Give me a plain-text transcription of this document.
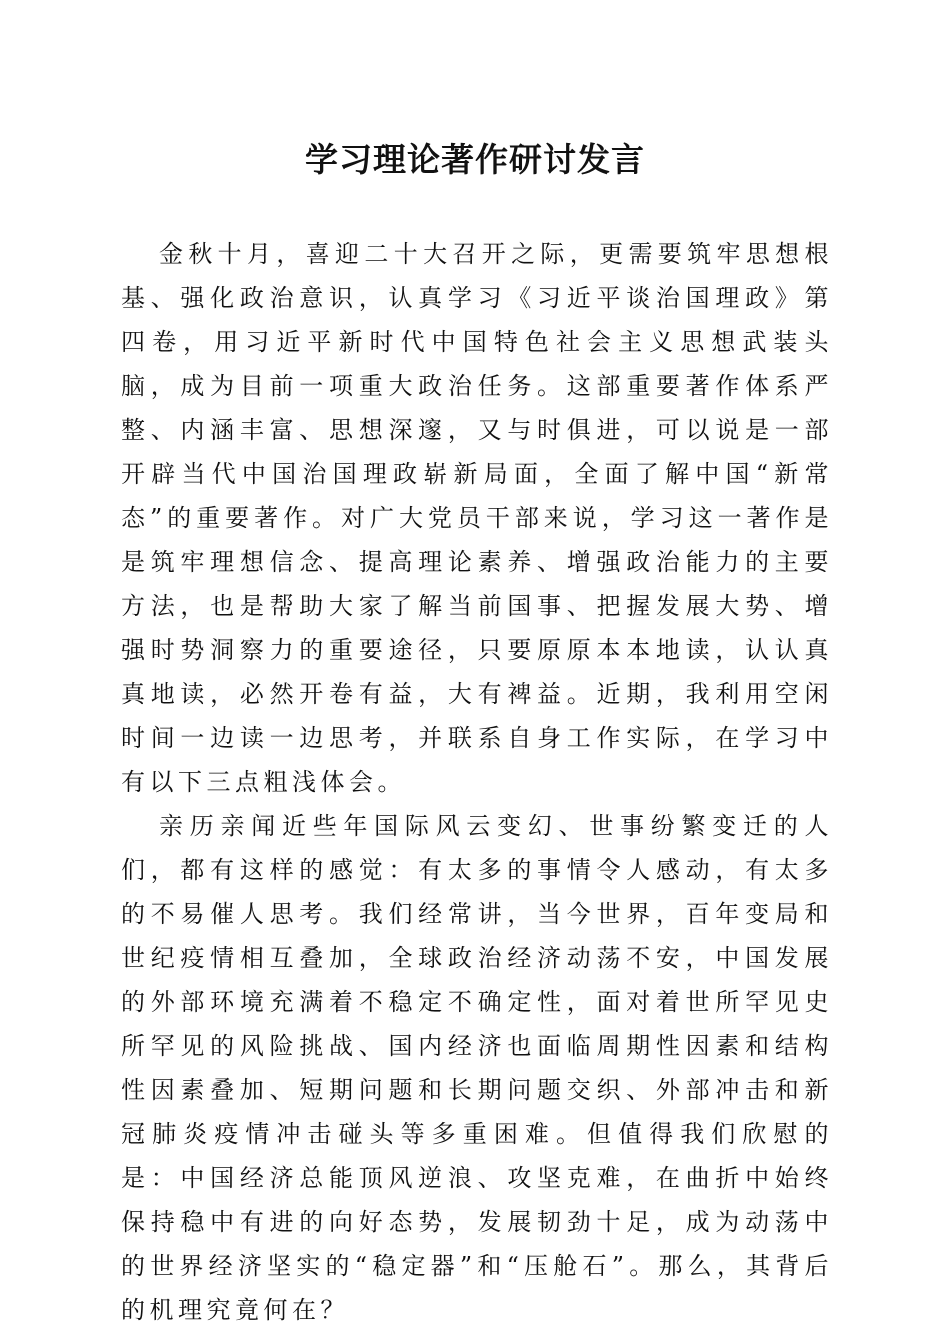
学习理论著作研讨发言

金秋十月，喜迎二十大召开之际，更需要筑牢思想根基、强化政治意识，认真学习《习近平谈治国理政》第四卷，用习近平新时代中国特色社会主义思想武装头脑，成为目前一项重大政治任务。这部重要著作体系严整、内涵丰富、思想深邃，又与时俱进，可以说是一部开辟当代中国治国理政崭新局面，全面了解中国“新常态”的重要著作。对广大党员干部来说，学习这一著作是是筑牢理想信念、提高理论素养、增强政治能力的主要方法，也是帮助大家了解当前国事、把握发展大势、增强时势洞察力的重要途径，只要原原本本地读，认认真真地读，必然开卷有益，大有裨益。近期，我利用空闲时间一边读一边思考，并联系自身工作实际，在学习中有以下三点粗浅体会。

亲历亲闻近些年国际风云变幻、世事纷繁变迁的人们，都有这样的感觉：有太多的事情令人感动，有太多的不易催人思考。我们经常讲，当今世界，百年变局和世纪疫情相互叠加，全球政治经济动荡不安，中国发展的外部环境充满着不稳定不确定性，面对着世所罕见史所罕见的风险挑战、国内经济也面临周期性因素和结构性因素叠加、短期问题和长期问题交织、外部冲击和新冠肺炎疫情冲击碰头等多重困难。但值得我们欣慰的是：中国经济总能顶风逆浪、攻坚克难，在曲折中始终保持稳中有进的向好态势，发展韧劲十足，成为动荡中的世界经济坚实的“稳定器”和“压舱石”。那么，其背后的机理究竟何在？
